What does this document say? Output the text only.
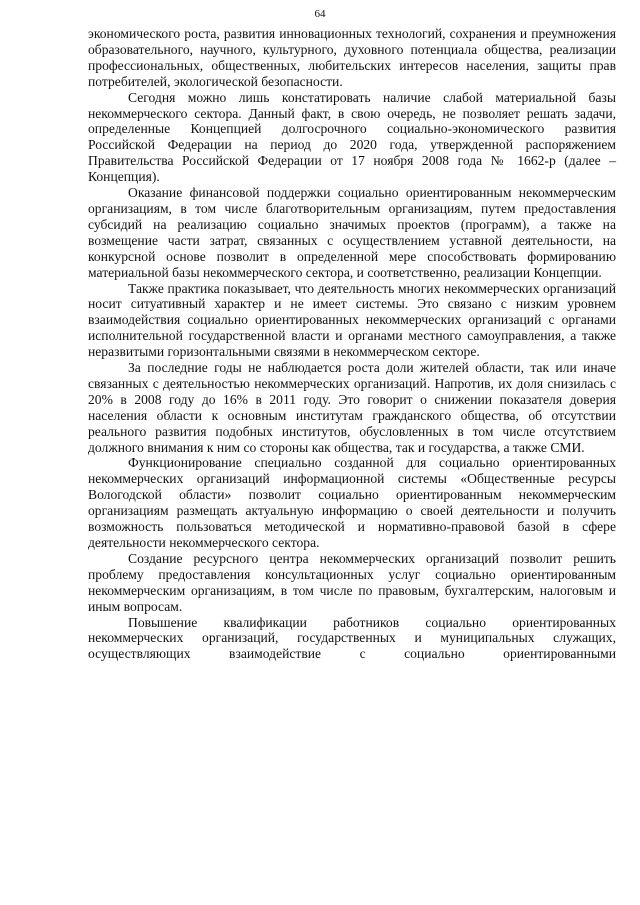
64

экономического роста, развития инновационных технологий, сохранения и преумножения образовательного, научного, культурного, духовного потенциала общества, реализации профессиональных, общественных, любительских интересов населения, защиты прав потребителей, экологической безопасности.

Сегодня можно лишь констатировать наличие слабой материальной базы некоммерческого сектора. Данный факт, в свою очередь, не позволяет решать задачи, определенные Концепцией долгосрочного социально-экономического развития Российской Федерации на период до 2020 года, утвержденной распоряжением Правительства Российской Федерации от 17 ноября 2008 года № 1662-р (далее – Концепция).

Оказание финансовой поддержки социально ориентированным некоммерческим организациям, в том числе благотворительным организациям, путем предоставления субсидий на реализацию социально значимых проектов (программ), а также на возмещение части затрат, связанных с осуществлением уставной деятельности, на конкурсной основе позволит в определенной мере способствовать формированию материальной базы некоммерческого сектора, и соответственно, реализации Концепции.

Также практика показывает, что деятельность многих некоммерческих организаций носит ситуативный характер и не имеет системы. Это связано с низким уровнем взаимодействия социально ориентированных некоммерческих организаций с органами исполнительной государственной власти и органами местного самоуправления, а также неразвитыми горизонтальными связями в некоммерческом секторе.

За последние годы не наблюдается роста доли жителей области, так или иначе связанных с деятельностью некоммерческих организаций. Напротив, их доля снизилась с 20% в 2008 году до 16% в 2011 году. Это говорит о снижении показателя доверия населения области к основным институтам гражданского общества, об отсутствии реального развития подобных институтов, обусловленных в том числе отсутствием должного внимания к ним со стороны как общества, так и государства, а также СМИ.

Функционирование специально созданной для социально ориентированных некоммерческих организаций информационной системы «Общественные ресурсы Вологодской области» позволит социально ориентированным некоммерческим организациям размещать актуальную информацию о своей деятельности и получить возможность пользоваться методической и нормативно-правовой базой в сфере деятельности некоммерческого сектора.

Создание ресурсного центра некоммерческих организаций позволит решить проблему предоставления консультационных услуг социально ориентированным некоммерческим организациям, в том числе по правовым, бухгалтерским, налоговым и иным вопросам.

Повышение квалификации работников социально ориентированных некоммерческих организаций, государственных и муниципальных служащих, осуществляющих взаимодействие с социально ориентированными
